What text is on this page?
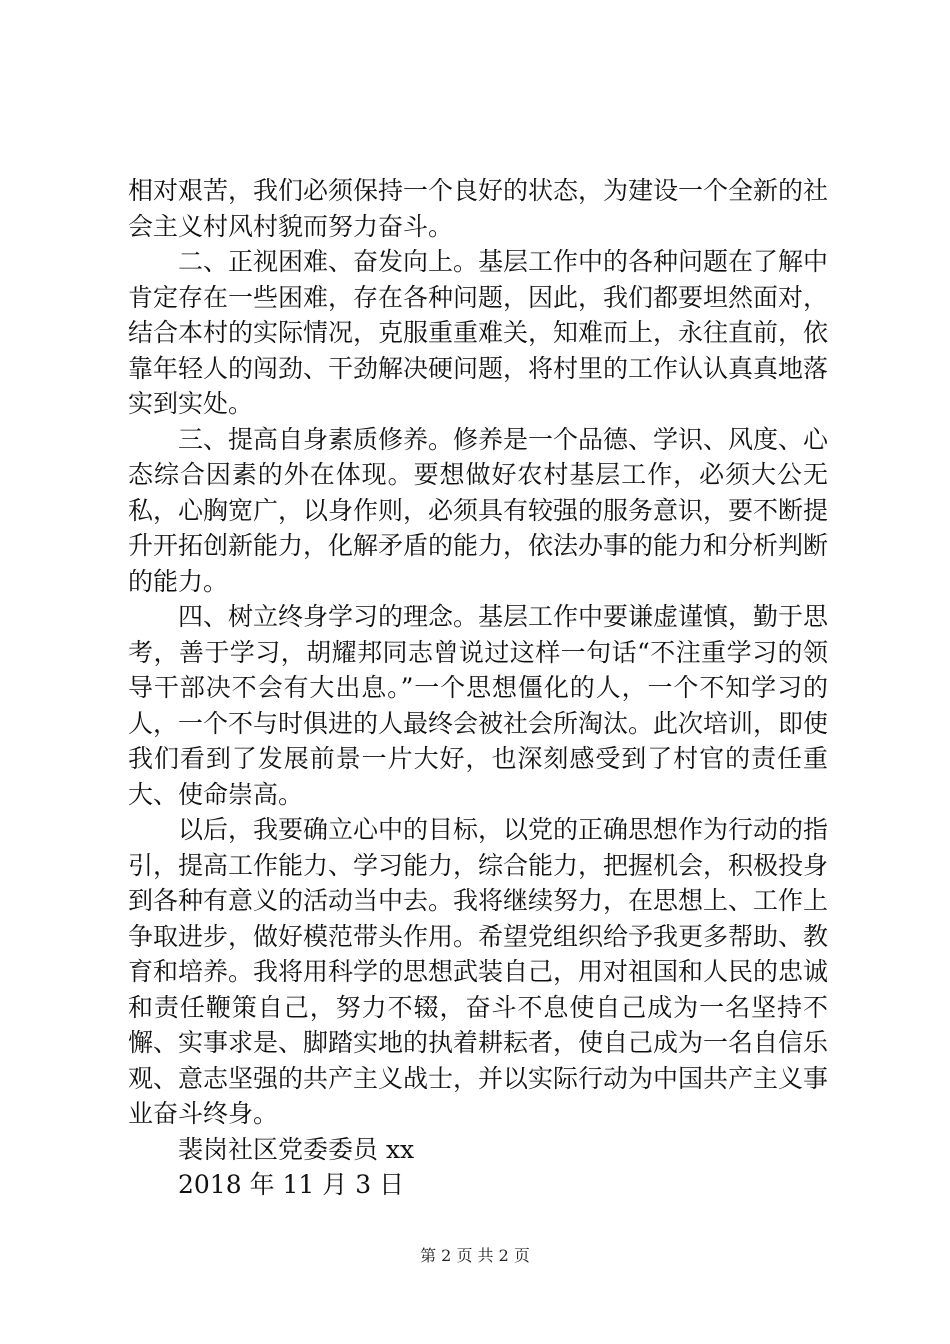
相对艰苦，我们必须保持一个良好的状态，为建设一个全新的社会主义村风村貌而努力奋斗。

二、正视困难、奋发向上。基层工作中的各种问题在了解中肯定存在一些困难，存在各种问题，因此，我们都要坦然面对，结合本村的实际情况，克服重重难关，知难而上，永往直前，依靠年轻人的闯劲、干劲解决硬问题，将村里的工作认认真真地落实到实处。

三、提高自身素质修养。修养是一个品德、学识、风度、心态综合因素的外在体现。要想做好农村基层工作，必须大公无私，心胸宽广，以身作则，必须具有较强的服务意识，要不断提升开拓创新能力，化解矛盾的能力，依法办事的能力和分析判断的能力。

四、树立终身学习的理念。基层工作中要谦虚谨慎，勤于思考，善于学习，胡耀邦同志曾说过这样一句话“不注重学习的领导干部决不会有大出息。”一个思想僵化的人，一个不知学习的人，一个不与时俱进的人最终会被社会所淘汰。此次培训，即使我们看到了发展前景一片大好，也深刻感受到了村官的责任重大、使命崇高。

以后，我要确立心中的目标，以党的正确思想作为行动的指引，提高工作能力、学习能力，综合能力，把握机会，积极投身到各种有意义的活动当中去。我将继续努力，在思想上、工作上争取进步，做好模范带头作用。希望党组织给予我更多帮助、教育和培养。我将用科学的思想武装自己，用对祖国和人民的忠诚和责任鞭策自己，努力不辍，奋斗不息使自己成为一名坚持不懈、实事求是、脚踏实地的执着耕耘者，使自己成为一名自信乐观、意志坚强的共产主义战士，并以实际行动为中国共产主义事业奋斗终身。

裴岗社区党委委员 xx

2018 年 11 月 3 日

第 2 页 共 2 页
